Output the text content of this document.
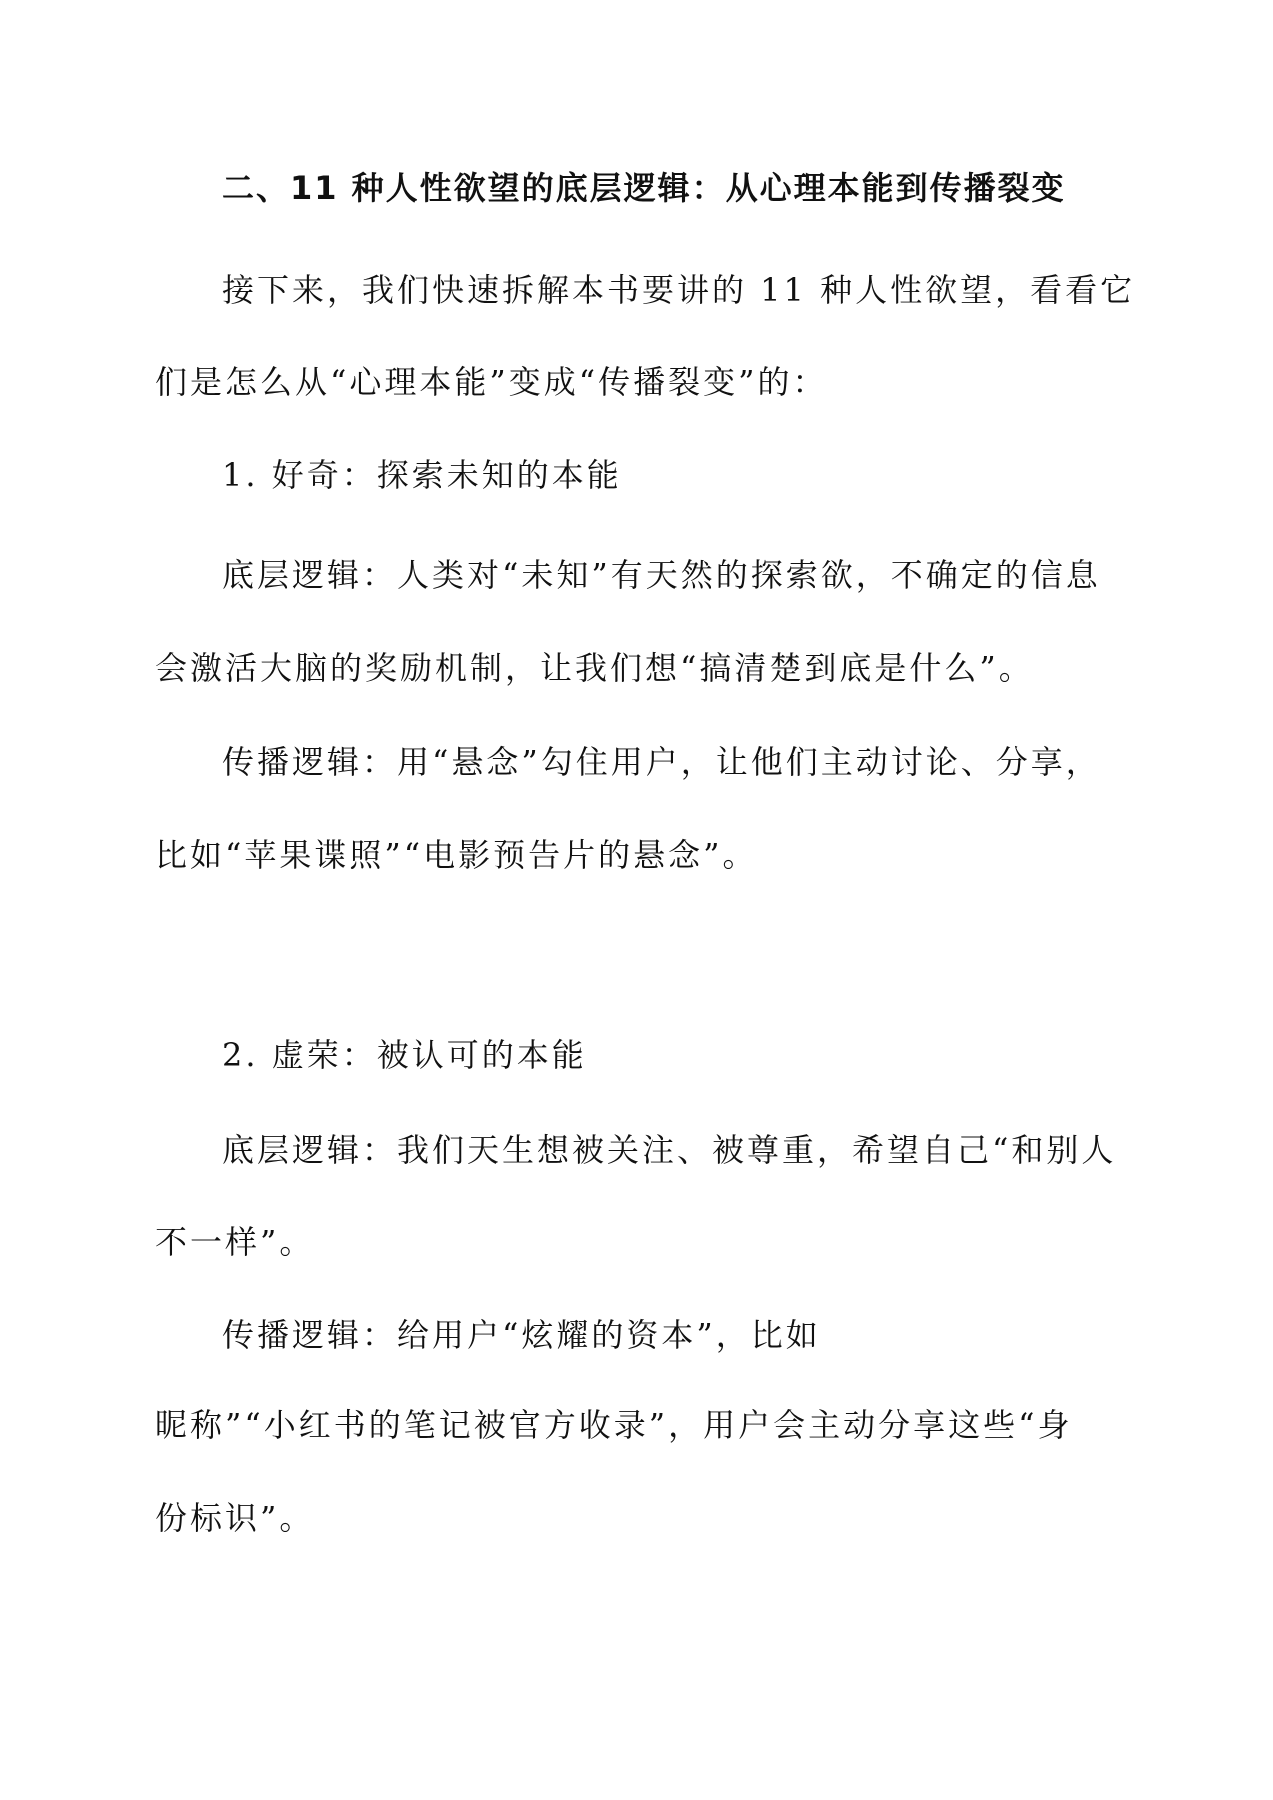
二、11 种人性欲望的底层逻辑：从心理本能到传播裂变
接下来，我们快速拆解本书要讲的 11 种人性欲望，看看它
们是怎么从“心理本能”变成“传播裂变”的：
1. 好奇：探索未知的本能
底层逻辑：人类对“未知”有天然的探索欲，不确定的信息
会激活大脑的奖励机制，让我们想“搞清楚到底是什么”。
传播逻辑：用“悬念”勾住用户，让他们主动讨论、分享，
比如“苹果谍照”“电影预告片的悬念”。
2. 虚荣：被认可的本能
底层逻辑：我们天生想被关注、被尊重，希望自己“和别人
不一样”。
传播逻辑：给用户“炫耀的资本”，比如
昵称”“小红书的笔记被官方收录”，用户会主动分享这些“身
份标识”。
